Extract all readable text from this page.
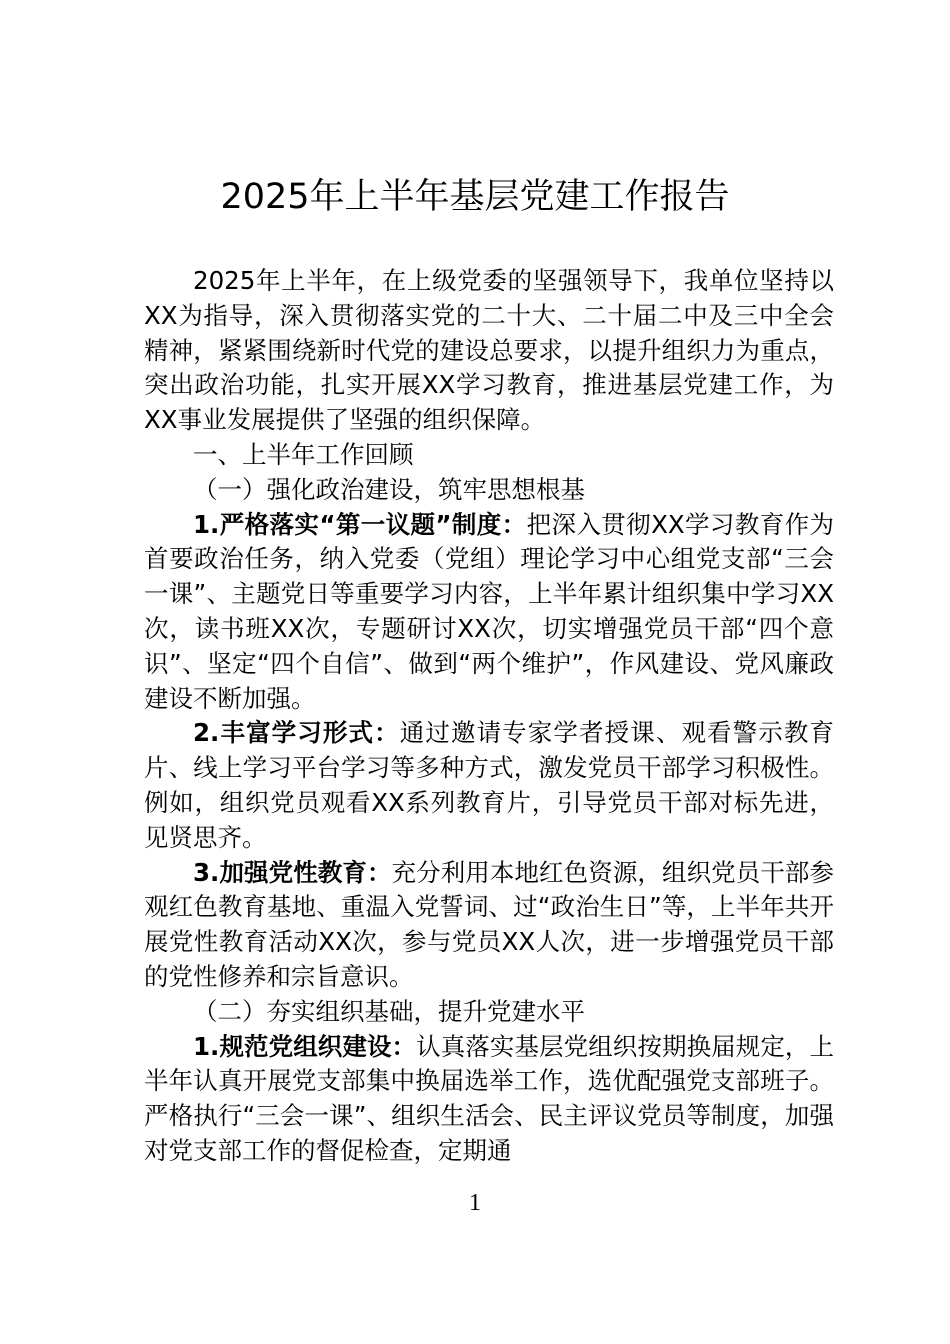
2025年上半年基层党建工作报告

2025年上半年，在上级党委的坚强领导下，我单位坚持以XX为指导，深入贯彻落实党的二十大、二十届二中及三中全会精神，紧紧围绕新时代党的建设总要求，以提升组织力为重点，突出政治功能，扎实开展XX学习教育，推进基层党建工作，为XX事业发展提供了坚强的组织保障。

一、上半年工作回顾

（一）强化政治建设，筑牢思想根基

1.严格落实“第一议题”制度：把深入贯彻XX学习教育作为首要政治任务，纳入党委（党组）理论学习中心组党支部“三会一课”、主题党日等重要学习内容，上半年累计组织集中学习XX次，读书班XX次，专题研讨XX次，切实增强党员干部“四个意识”、坚定“四个自信”、做到“两个维护”，作风建设、党风廉政建设不断加强。

2.丰富学习形式：通过邀请专家学者授课、观看警示教育片、线上学习平台学习等多种方式，激发党员干部学习积极性。例如，组织党员观看XX系列教育片，引导党员干部对标先进，见贤思齐。

3.加强党性教育：充分利用本地红色资源，组织党员干部参观红色教育基地、重温入党誓词、过“政治生日”等，上半年共开展党性教育活动XX次，参与党员XX人次，进一步增强党员干部的党性修养和宗旨意识。

（二）夯实组织基础，提升党建水平

1.规范党组织建设：认真落实基层党组织按期换届规定，上半年认真开展党支部集中换届选举工作，选优配强党支部班子。严格执行“三会一课”、组织生活会、民主评议党员等制度，加强对党支部工作的督促检查，定期通

1
